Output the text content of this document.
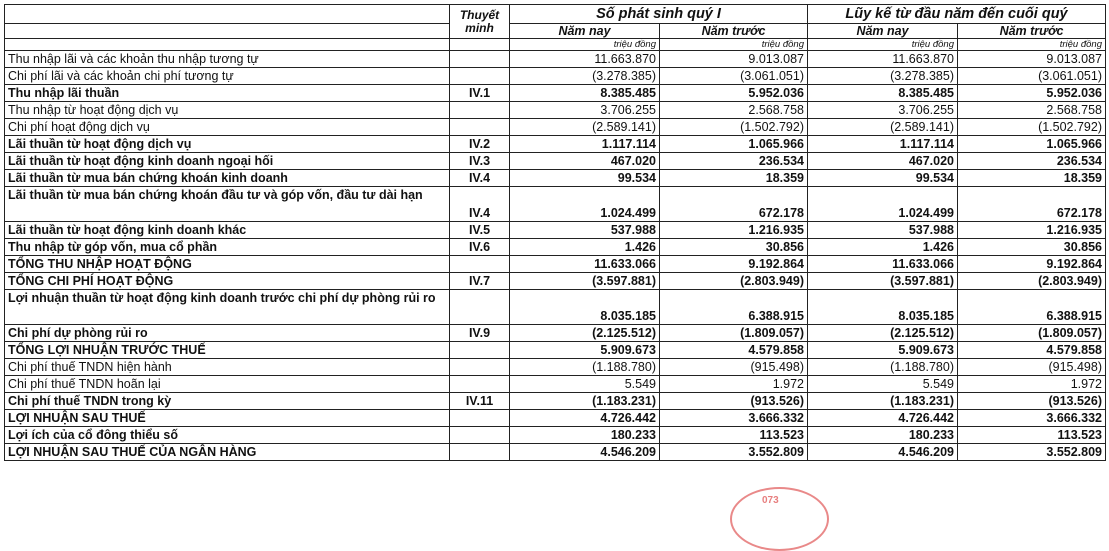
	Thuyết minh	Số phát sinh quý I		Lũy kế từ đầu năm đến cuối quý	
		Năm nay	Năm trước	Năm nay	Năm trước
		triệu đồng	triệu đồng	triệu đồng	triệu đồng
Thu nhập lãi và các khoản thu nhập tương tự		11.663.870	9.013.087	11.663.870	9.013.087
Chi phí lãi và các khoản chi phí tương tự		(3.278.385)	(3.061.051)	(3.278.385)	(3.061.051)
Thu nhập lãi thuần	IV.1	8.385.485	5.952.036	8.385.485	5.952.036
Thu nhập từ hoạt động dịch vụ		3.706.255	2.568.758	3.706.255	2.568.758
Chi phí hoạt động dịch vụ		(2.589.141)	(1.502.792)	(2.589.141)	(1.502.792)
Lãi thuần từ hoạt động dịch vụ	IV.2	1.117.114	1.065.966	1.117.114	1.065.966
Lãi thuần từ hoạt động kinh doanh ngoại hối	IV.3	467.020	236.534	467.020	236.534
Lãi thuần từ mua bán chứng khoán kinh doanh	IV.4	99.534	18.359	99.534	18.359
Lãi thuần từ mua bán chứng khoán đầu tư và góp vốn, đầu tư dài hạn	IV.4	1.024.499	672.178	1.024.499	672.178
Lãi thuần từ hoạt động kinh doanh khác	IV.5	537.988	1.216.935	537.988	1.216.935
Thu nhập từ góp vốn, mua cổ phần	IV.6	1.426	30.856	1.426	30.856
TỔNG THU NHẬP HOẠT ĐỘNG		11.633.066	9.192.864	11.633.066	9.192.864
TỔNG CHI PHÍ HOẠT ĐỘNG	IV.7	(3.597.881)	(2.803.949)	(3.597.881)	(2.803.949)
Lợi nhuận thuần từ hoạt động kinh doanh trước chi phí dự phòng rủi ro		8.035.185	6.388.915	8.035.185	6.388.915
Chi phí dự phòng rủi ro	IV.9	(2.125.512)	(1.809.057)	(2.125.512)	(1.809.057)
TỔNG LỢI NHUẬN TRƯỚC THUẾ		5.909.673	4.579.858	5.909.673	4.579.858
Chi phí thuế TNDN hiện hành		(1.188.780)	(915.498)	(1.188.780)	(915.498)
Chi phí thuế TNDN hoãn lại		5.549	1.972	5.549	1.972
Chi phí thuế TNDN trong kỳ	IV.11	(1.183.231)	(913.526)	(1.183.231)	(913.526)
LỢI NHUẬN SAU THUẾ		4.726.442	3.666.332	4.726.442	3.666.332
Lợi ích của cổ đông thiểu số		180.233	113.523	180.233	113.523
LỢI NHUẬN SAU THUẾ CỦA NGÂN HÀNG		4.546.209	3.552.809	4.546.209	3.552.809
073
